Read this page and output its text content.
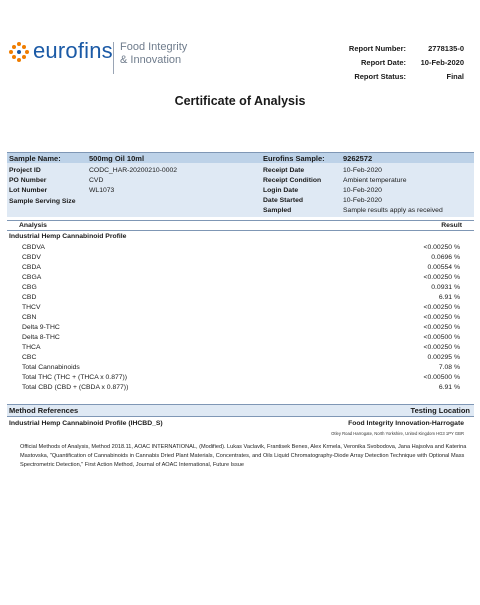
eurofins Food Integrity
& Innovation
Report Number:	2778135-0
Report Date:	10-Feb-2020
Report Status:	Final
Certificate of Analysis
Sample Name:	500mg Oil 10ml	Eurofins Sample: 9262572
Project ID	CODC_HAR-20200210-0002
PO Number	CVD
Lot Number	WL1073
Sample Serving Size
Receipt Date	10-Feb-2020
Receipt Condition	Ambient temperature
Login Date	10-Feb-2020
Date Started	10-Feb-2020
Sampled	Sample results apply as received
Analysis	Result
Industrial Hemp Cannabinoid Profile
CBDVA	<0.00250 %
CBDV	0.0696 %
CBDA	0.00554 %
CBGA	<0.00250 %
CBG	0.0931 %
CBD	6.91 %
THCV	<0.00250 %
CBN	<0.00250 %
Delta 9-THC	<0.00250 %
Delta 8-THC	<0.00500 %
THCA	<0.00250 %
CBC	0.00295 %
Total Cannabinoids	7.08 %
Total THC (THC + (THCA x 0.877))	<0.00500 %
Total CBD (CBD + (CBDA x 0.877))	6.91 %
Method References	Testing Location
Industrial Hemp Cannabinoid Profile (IHCBD_S)	Food Integrity Innovation-Harrogate
Otley Road Harrogate, North Yorkshire, United Kingdom HG3 1PY GBR
Official Methods of Analysis, Method 2018.11, AOAC INTERNATIONAL, (Modified). Lukas Vaclavik, Frantisek Benes, Alex Krmela, Veronika Svobodova, Jana Hajsolva and Katerina Mastovska, "Quantification of Cannabinoids in Cannabis Dried Plant Materials, Concentrates, and Oils Liquid Chromatography-Diode Array Detection Technique with Optional Mass Spectrometric Detection," First Action Method, Journal of AOAC International, Future Issue
